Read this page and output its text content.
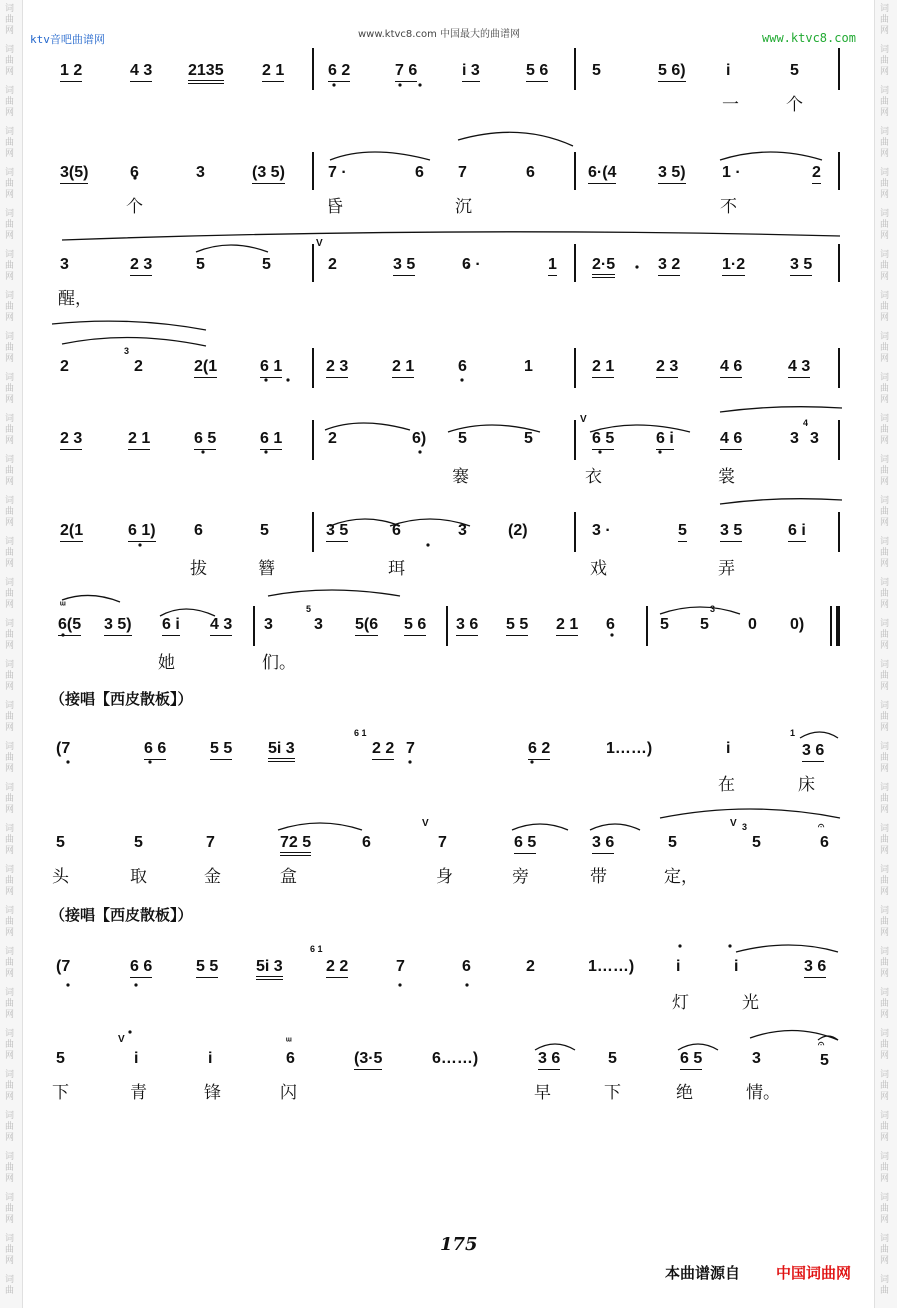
词
曲
网
词
曲
网
词
曲
网
词
曲
网
词
曲
网
词
曲
网
词
曲
网
词
曲
网
词
曲
网
词
曲
网
词
曲
网
词
曲
网
词
曲
网
词
曲
网
词
曲
网
词
曲
网
词
曲
网
词
曲
网
词
曲
网
词
曲
网
词
曲
网
词
曲
网
词
曲
网
词
曲
网
词
曲
网
词
曲
网
词
曲
网
词
曲
网
词
曲
网
词
曲
网
词
曲
网
词
曲
词
曲
网
词
曲
网
词
曲
网
词
曲
网
词
曲
网
词
曲
网
词
曲
网
词
曲
网
词
曲
网
词
曲
网
词
曲
网
词
曲
网
词
曲
网
词
曲
网
词
曲
网
词
曲
网
词
曲
网
词
曲
网
词
曲
网
词
曲
网
词
曲
网
词
曲
网
词
曲
网
词
曲
网
词
曲
网
词
曲
网
词
曲
网
词
曲
网
词
曲
网
词
曲
网
词
曲
网
词
曲
ktv音吧曲谱网	www.ktvc8.com 中国最大的曲谱网	www.ktvc8.com
1 2	4 3 2135 2 1	6 2	7 6	i 3	5 6	5	5 6)	i	5
一	个
3(5)	6	3	(3 5)	7 ·	6 7	6	6·(4	3 5) 1 ·	2
个	昏	沉	不
3	2 3	5	5	2	3 5	6 ·	1 2·5	3 2	1·2	3 5
醒，
V
2
3
2	2(1	6 1	2 3	2 1	6	1	2 1	2 3	4 6	4 3
2 3	2 1	6 5	6 1	2	6) 5	5	6 5	6 i	4 6	3
4
3
V
褰	衣	裳
2(1	6 1) 6	5	3 5	6	3	(2)	3 ·	5 3 5	6 i
拔	簪	珥	戏	弄
ᵚ
6(5 3 5) 6 i 4 3 3
5
3 5(6 5 6 3 6 5 5 2 1 6	5 5
3
0 0)
她	们。
（接唱【西皮散板】）
(7	6 6	5 5 5i 3
6 1
2 2 7	6 2	1……)	i
1
3 6
在	床
5	5	7	72 5	6
V
7	6 5	3 6	5
V 3
5	6
𝄐
头	取	金	盒	身	旁	带	定，
（接唱【西皮散板】）
(7	6 6	5 5 5i 3
6 1
2 2	7	6	2	1……)	i	i	3 6
灯	光
5
V
i	i
ᵚ
6	(3·5	6……)	3 6	5	6 5	3	5
𝄐
下	青	锋	闪	早	下	绝	情。
175
本曲谱源自 中国词曲网
